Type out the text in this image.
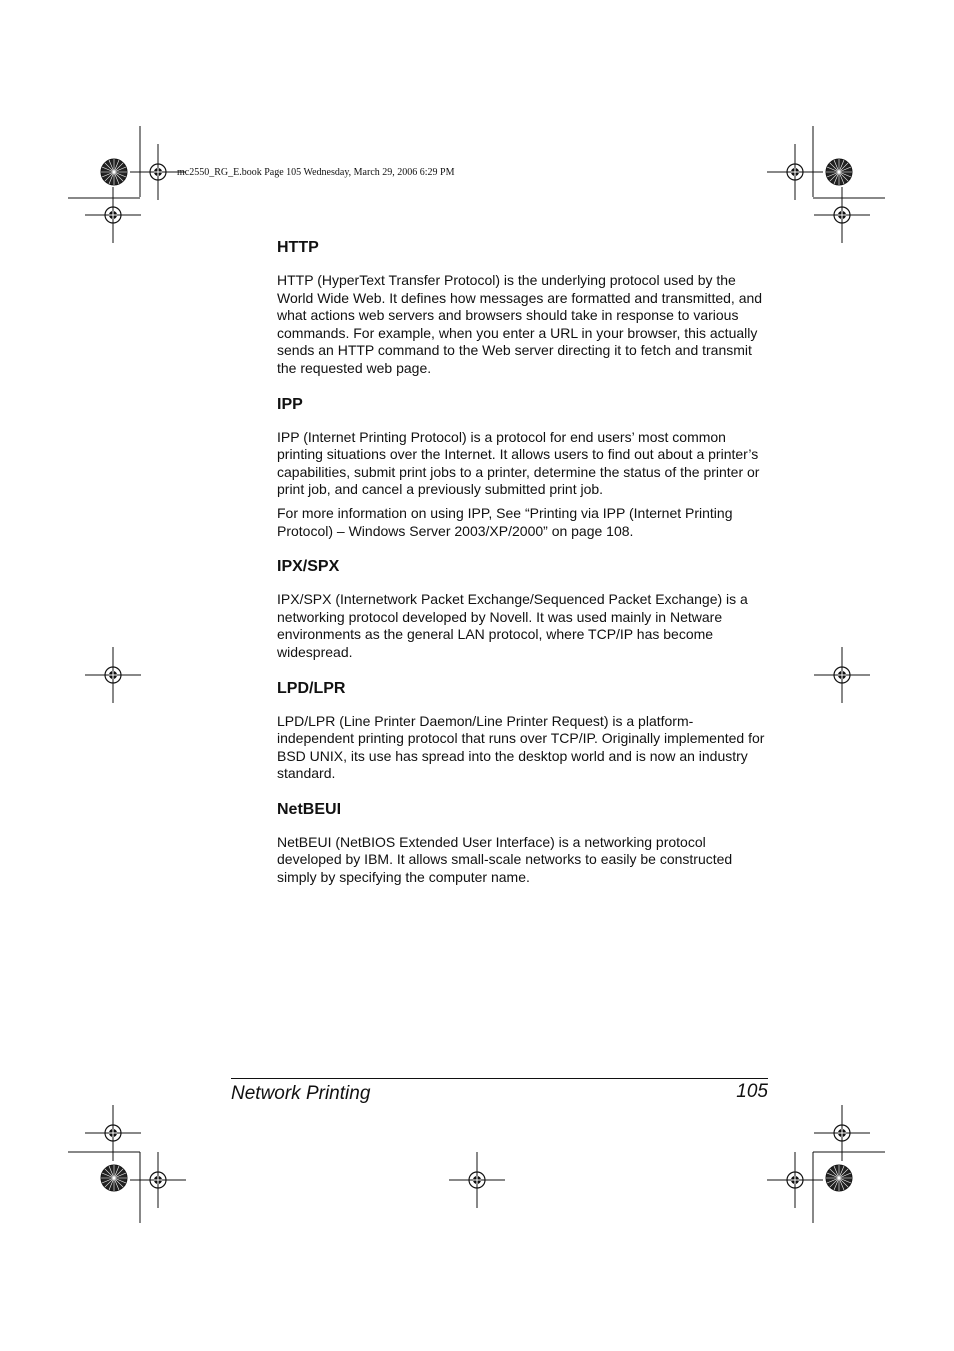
mc2550_RG_E.book Page 105 Wednesday, March 29, 2006 6:29 PM
HTTP

HTTP (HyperText Transfer Protocol) is the underlying protocol used by the World Wide Web. It defines how messages are formatted and transmitted, and what actions web servers and browsers should take in response to various commands. For example, when you enter a URL in your browser, this actually sends an HTTP command to the Web server directing it to fetch and transmit the requested web page.

IPP

IPP (Internet Printing Protocol) is a protocol for end users’ most common printing situations over the Internet. It allows users to find out about a printer’s capabilities, submit print jobs to a printer, determine the status of the printer or print job, and cancel a previously submitted print job.

For more information on using IPP, See “Printing via IPP (Internet Printing Protocol) – Windows Server 2003/XP/2000” on page 108.

IPX/SPX

IPX/SPX (Internetwork Packet Exchange/Sequenced Packet Exchange) is a networking protocol developed by Novell. It was used mainly in Netware environments as the general LAN protocol, where TCP/IP has become widespread.

LPD/LPR

LPD/LPR (Line Printer Daemon/Line Printer Request) is a platform-independent printing protocol that runs over TCP/IP. Originally implemented for BSD UNIX, its use has spread into the desktop world and is now an industry standard.

NetBEUI

NetBEUI (NetBIOS Extended User Interface) is a networking protocol developed by IBM. It allows small-scale networks to easily be constructed simply by specifying the computer name.

Network Printing	105
